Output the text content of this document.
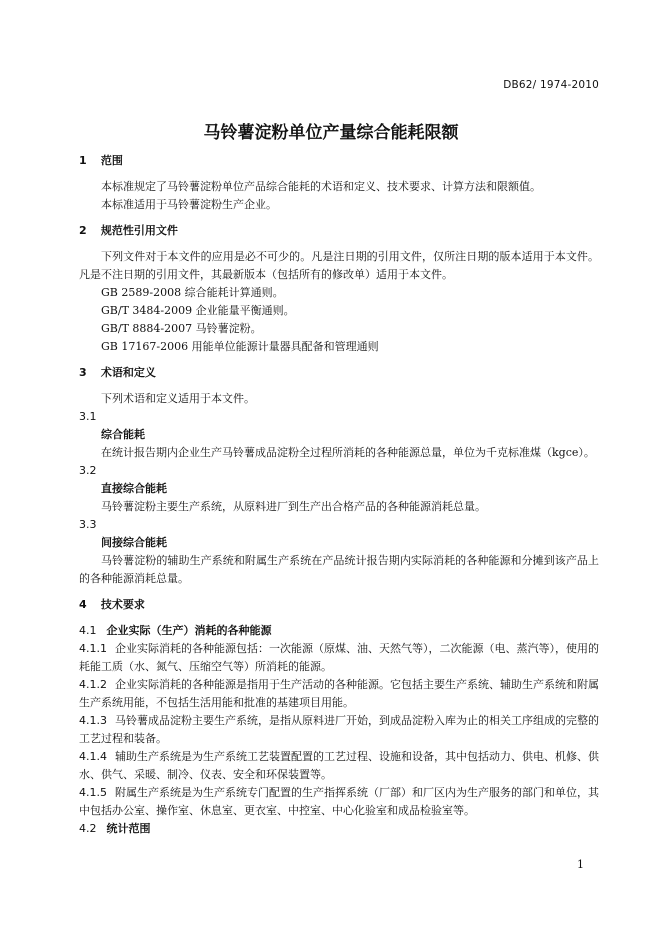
DB62/ 1974-2010
马铃薯淀粉单位产量综合能耗限额

1 范围

本标准规定了马铃薯淀粉单位产品综合能耗的术语和定义、技术要求、计算方法和限额值。

本标准适用于马铃薯淀粉生产企业。

2 规范性引用文件

下列文件对于本文件的应用是必不可少的。凡是注日期的引用文件，仅所注日期的版本适用于本文件。凡是不注日期的引用文件，其最新版本（包括所有的修改单）适用于本文件。

GB 2589-2008 综合能耗计算通则。

GB/T 3484-2009 企业能量平衡通则。

GB/T 8884-2007 马铃薯淀粉。

GB 17167-2006 用能单位能源计量器具配备和管理通则

3 术语和定义

下列术语和定义适用于本文件。

3.1

综合能耗

在统计报告期内企业生产马铃薯成品淀粉全过程所消耗的各种能源总量，单位为千克标准煤（kgce）。

3.2

直接综合能耗

马铃薯淀粉主要生产系统，从原料进厂到生产出合格产品的各种能源消耗总量。

3.3

间接综合能耗

马铃薯淀粉的辅助生产系统和附属生产系统在产品统计报告期内实际消耗的各种能源和分摊到该产品上的各种能源消耗总量。

4 技术要求

4.1 企业实际（生产）消耗的各种能源

4.1.1 企业实际消耗的各种能源包括：一次能源（原煤、油、天然气等），二次能源（电、蒸汽等），使用的耗能工质（水、氮气、压缩空气等）所消耗的能源。

4.1.2 企业实际消耗的各种能源是指用于生产活动的各种能源。它包括主要生产系统、辅助生产系统和附属生产系统用能，不包括生活用能和批准的基建项目用能。

4.1.3 马铃薯成品淀粉主要生产系统，是指从原料进厂开始，到成品淀粉入库为止的相关工序组成的完整的工艺过程和装备。

4.1.4 辅助生产系统是为生产系统工艺装置配置的工艺过程、设施和设备，其中包括动力、供电、机修、供水、供气、采暖、制冷、仪表、安全和环保装置等。

4.1.5 附属生产系统是为生产系统专门配置的生产指挥系统（厂部）和厂区内为生产服务的部门和单位，其中包括办公室、操作室、休息室、更衣室、中控室、中心化验室和成品检验室等。

4.2 统计范围

1
